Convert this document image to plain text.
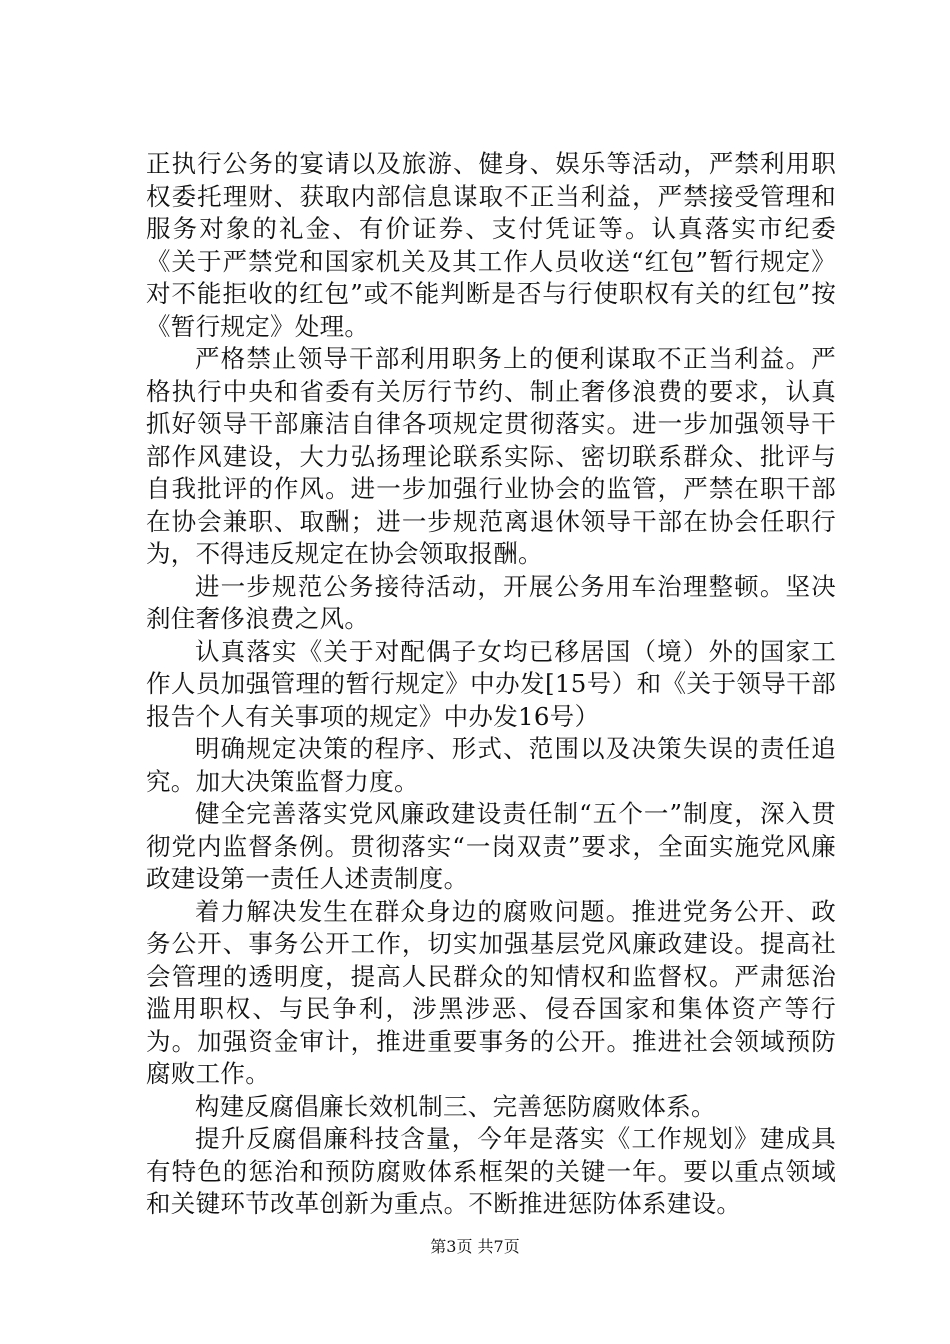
正执行公务的宴请以及旅游、健身、娱乐等活动，严禁利用职权委托理财、获取内部信息谋取不正当利益，严禁接受管理和服务对象的礼金、有价证券、支付凭证等。认真落实市纪委《关于严禁党和国家机关及其工作人员收送“红包”暂行规定》对不能拒收的红包”或不能判断是否与行使职权有关的红包”按《暂行规定》处理。

严格禁止领导干部利用职务上的便利谋取不正当利益。严格执行中央和省委有关厉行节约、制止奢侈浪费的要求，认真抓好领导干部廉洁自律各项规定贯彻落实。进一步加强领导干部作风建设，大力弘扬理论联系实际、密切联系群众、批评与自我批评的作风。进一步加强行业协会的监管，严禁在职干部在协会兼职、取酬；进一步规范离退休领导干部在协会任职行为，不得违反规定在协会领取报酬。

进一步规范公务接待活动，开展公务用车治理整顿。坚决刹住奢侈浪费之风。

认真落实《关于对配偶子女均已移居国（境）外的国家工作人员加强管理的暂行规定》中办发[15号）和《关于领导干部报告个人有关事项的规定》中办发16号）

明确规定决策的程序、形式、范围以及决策失误的责任追究。加大决策监督力度。

健全完善落实党风廉政建设责任制“五个一”制度，深入贯彻党内监督条例。贯彻落实“一岗双责”要求，全面实施党风廉政建设第一责任人述责制度。

着力解决发生在群众身边的腐败问题。推进党务公开、政务公开、事务公开工作，切实加强基层党风廉政建设。提高社会管理的透明度，提高人民群众的知情权和监督权。严肃惩治滥用职权、与民争利，涉黑涉恶、侵吞国家和集体资产等行为。加强资金审计，推进重要事务的公开。推进社会领域预防腐败工作。

构建反腐倡廉长效机制三、完善惩防腐败体系。

提升反腐倡廉科技含量，今年是落实《工作规划》建成具有特色的惩治和预防腐败体系框架的关键一年。要以重点领域和关键环节改革创新为重点。不断推进惩防体系建设。

第3页 共7页
